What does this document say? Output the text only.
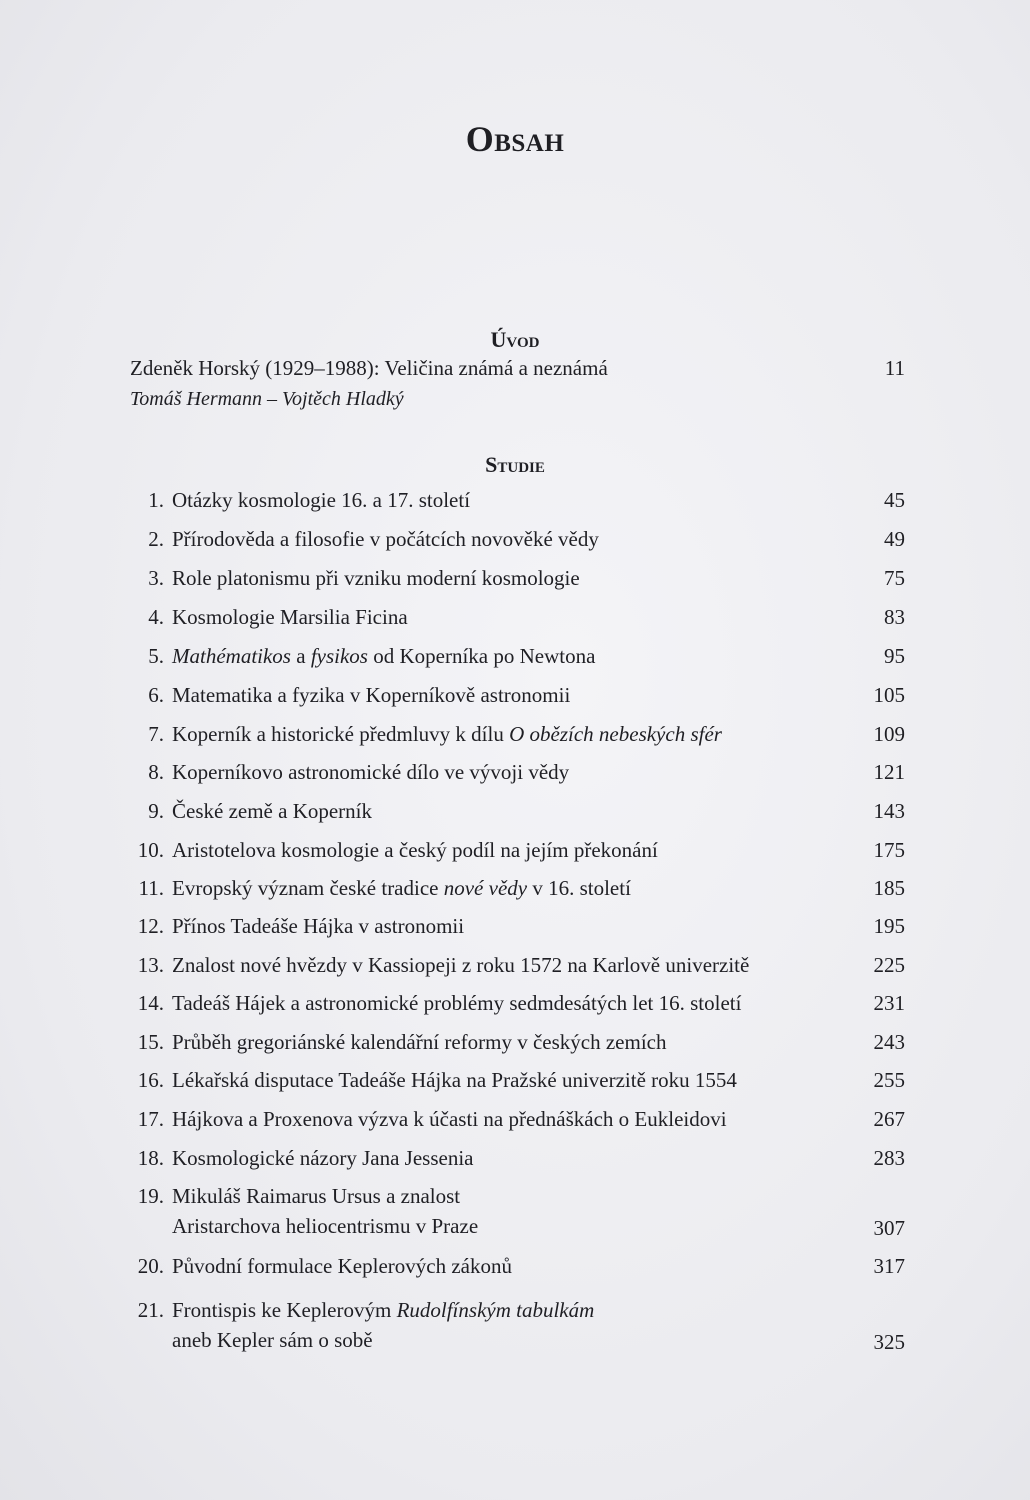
Obsah
Úvod
Zdeněk Horský (1929–1988): Veličina známá a neznámá	11
Tomáš Hermann – Vojtěch Hladký
Studie
1. Otázky kosmologie 16. a 17. století	45
2. Přírodověda a filosofie v počátcích novověké vědy	49
3. Role platonismu při vzniku moderní kosmologie	75
4. Kosmologie Marsilia Ficina	83
5. Mathématikos a fysikos od Koperníka po Newtona	95
6. Matematika a fyzika v Koperníkově astronomii	105
7. Koperník a historické předmluvy k dílu O obězích nebeských sfér	109
8. Koperníkovo astronomické dílo ve vývoji vědy	121
9. České země a Koperník	143
10. Aristotelova kosmologie a český podíl na jejím překonání	175
11. Evropský význam české tradice nové vědy v 16. století	185
12. Přínos Tadeáše Hájka v astronomii	195
13. Znalost nové hvězdy v Kassiopeji z roku 1572 na Karlově univerzitě	225
14. Tadeáš Hájek a astronomické problémy sedmdesátých let 16. století	231
15. Průběh gregoriánské kalendářní reformy v českých zemích	243
16. Lékařská disputace Tadeáše Hájka na Pražské univerzitě roku 1554	255
17. Hájkova a Proxenova výzva k účasti na přednáškách o Eukleidovi	267
18. Kosmologické názory Jana Jessenia	283
19. Mikuláš Raimarus Ursus a znalost
Aristarchova heliocentrismu v Praze	307
20. Původní formulace Keplerových zákonů	317
21. Frontispis ke Keplerovým Rudolfínským tabulkám
aneb Kepler sám o sobě	325
